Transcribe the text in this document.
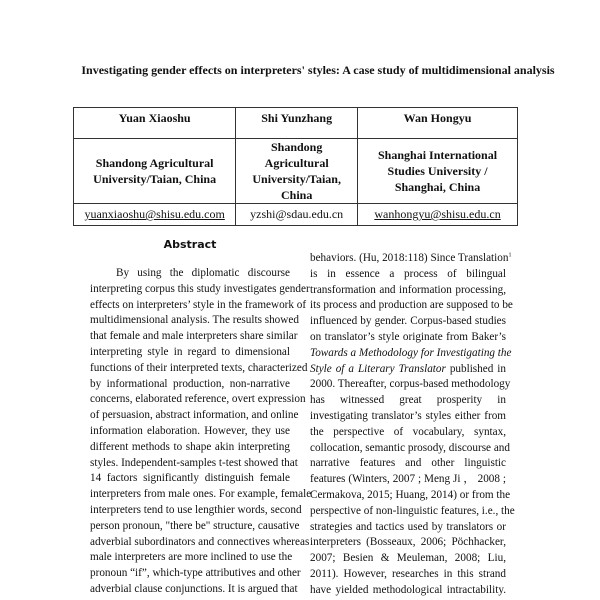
Investigating gender effects on interpreters' styles: A case study of multidimensional analysis
Yuan Xiaoshu	Shi Yunzhang	Wan Hongyu
Shandong Agricultural University/Taian, China	Shandong Agricultural University/Taian, China	Shanghai International Studies University / Shanghai, China
yuanxiaoshu@shisu.edu.com	yzshi@sdau.edu.cn	wanhongyu@shisu.edu.cn
Abstract
By using the diplomatic discourse
interpreting corpus this study investigates gender
effects on interpreters’ style in the framework of
multidimensional analysis. The results showed
that female and male interpreters share similar
interpreting style in regard to dimensional
functions of their interpreted texts, characterized
by informational production, non-narrative
concerns, elaborated reference, overt expression
of persuasion, abstract information, and online
information elaboration. However, they use
different methods to shape akin interpreting
styles. Independent-samples t-test showed that
14 factors significantly distinguish female
interpreters from male ones. For example, female
interpreters tend to use lengthier words, second
person pronoun, "there be" structure, causative
adverbial subordinators and connectives whereas
male interpreters are more inclined to use the
pronoun “if”, which-type attributives and other
adverbial clause conjunctions. It is argued that
behaviors. (Hu, 2018:118) Since Translation$^1$
is in essence a process of bilingual
transformation and information processing,
its process and production are supposed to be
influenced by gender. Corpus-based studies
on translator’s style originate from Baker’s
Towards a Methodology for Investigating the
Style of a Literary Translator published in
2000. Thereafter, corpus-based methodology
has witnessed great prosperity in
investigating translator’s styles either from
the perspective of vocabulary, syntax,
collocation, semantic prosody, discourse and
narrative features and other linguistic
features (Winters, 2007 ; Meng Ji ， 2008 ;
Cermakova, 2015; Huang, 2014) or from the
perspective of non-linguistic features, i.e., the
strategies and tactics used by translators or
interpreters (Bosseaux, 2006; Pöchhacker,
2007; Besien & Meuleman, 2008; Liu,
2011). However, researches in this strand
have yielded methodological intractability.
